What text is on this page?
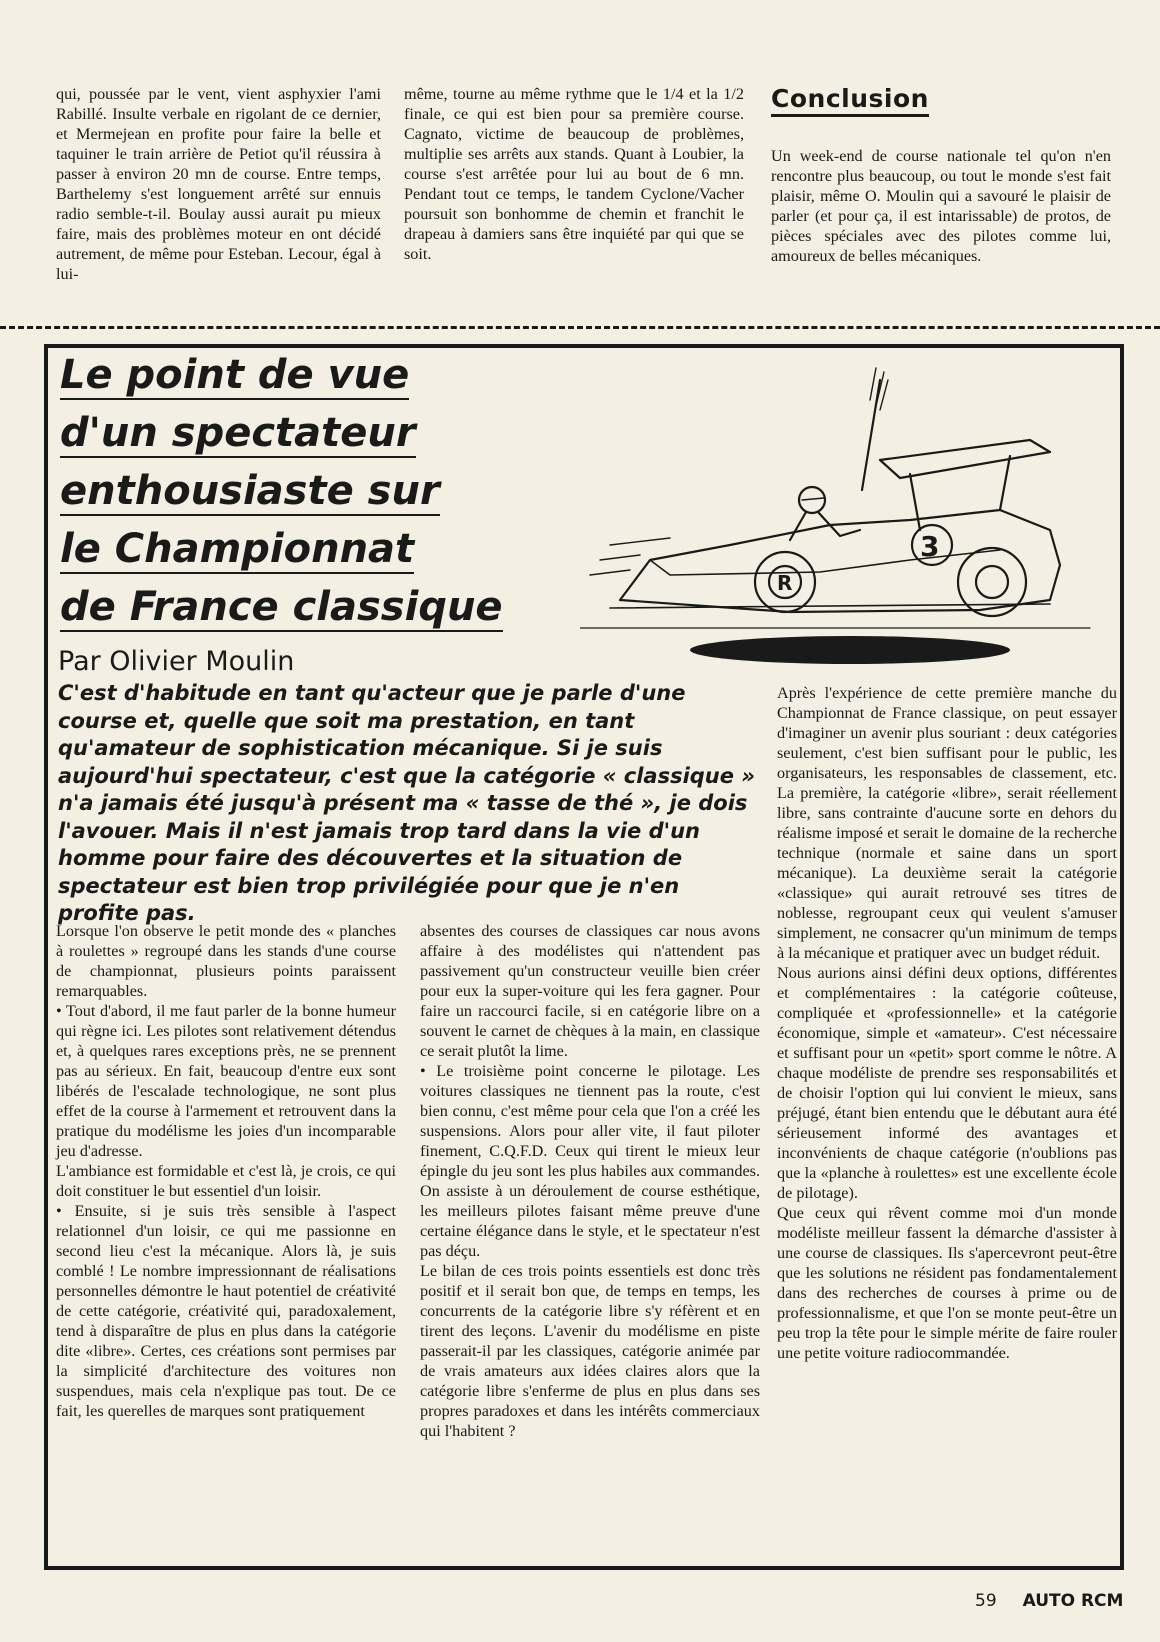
qui, poussée par le vent, vient asphyxier l'ami Rabillé. Insulte verbale en rigolant de ce dernier, et Mermejean en profite pour faire la belle et taquiner le train arrière de Petiot qu'il réussira à passer à environ 20 mn de course. Entre temps, Barthelemy s'est longuement arrêté sur ennuis radio semble-t-il. Boulay aussi aurait pu mieux faire, mais des problèmes moteur en ont décidé autrement, de même pour Esteban. Lecour, égal à lui-

même, tourne au même rythme que le 1/4 et la 1/2 finale, ce qui est bien pour sa première course. Cagnato, victime de beaucoup de problèmes, multiplie ses arrêts aux stands. Quant à Loubier, la course s'est arrêtée pour lui au bout de 6 mn. Pendant tout ce temps, le tandem Cyclone/Vacher poursuit son bonhomme de chemin et franchit le drapeau à damiers sans être inquiété par qui que se soit.

Conclusion

Un week-end de course nationale tel qu'on n'en rencontre plus beaucoup, ou tout le monde s'est fait plaisir, même O. Moulin qui a savouré le plaisir de parler (et pour ça, il est intarissable) de protos, de pièces spéciales avec des pilotes comme lui, amoureux de belles mécaniques.

Le point de vue
d'un spectateur
enthousiaste sur
le Championnat
de France classique
R
3
Par Olivier Moulin
C'est d'habitude en tant qu'acteur que je parle d'une course et, quelle que soit ma prestation, en tant qu'amateur de sophistication mécanique. Si je suis aujourd'hui spectateur, c'est que la catégorie « classique » n'a jamais été jusqu'à présent ma « tasse de thé », je dois l'avouer. Mais il n'est jamais trop tard dans la vie d'un homme pour faire des découvertes et la situation de spectateur est bien trop privilégiée pour que je n'en profite pas.

Lorsque l'on observe le petit monde des « planches à roulettes » regroupé dans les stands d'une course de championnat, plusieurs points paraissent remarquables.

• Tout d'abord, il me faut parler de la bonne humeur qui règne ici. Les pilotes sont relativement détendus et, à quelques rares exceptions près, ne se prennent pas au sérieux. En fait, beaucoup d'entre eux sont libérés de l'escalade technologique, ne sont plus effet de la course à l'armement et retrouvent dans la pratique du modélisme les joies d'un incomparable jeu d'adresse.

L'ambiance est formidable et c'est là, je crois, ce qui doit constituer le but essentiel d'un loisir.

• Ensuite, si je suis très sensible à l'aspect relationnel d'un loisir, ce qui me passionne en second lieu c'est la mécanique. Alors là, je suis comblé ! Le nombre impressionnant de réalisations personnelles démontre le haut potentiel de créativité de cette catégorie, créativité qui, paradoxalement, tend à disparaître de plus en plus dans la catégorie dite «libre». Certes, ces créations sont permises par la simplicité d'architecture des voitures non suspendues, mais cela n'explique pas tout. De ce fait, les querelles de marques sont pratiquement

absentes des courses de classiques car nous avons affaire à des modélistes qui n'attendent pas passivement qu'un constructeur veuille bien créer pour eux la super-voiture qui les fera gagner. Pour faire un raccourci facile, si en catégorie libre on a souvent le carnet de chèques à la main, en classique ce serait plutôt la lime.

• Le troisième point concerne le pilotage. Les voitures classiques ne tiennent pas la route, c'est bien connu, c'est même pour cela que l'on a créé les suspensions. Alors pour aller vite, il faut piloter finement, C.Q.F.D. Ceux qui tirent le mieux leur épingle du jeu sont les plus habiles aux commandes. On assiste à un déroulement de course esthétique, les meilleurs pilotes faisant même preuve d'une certaine élégance dans le style, et le spectateur n'est pas déçu.

Le bilan de ces trois points essentiels est donc très positif et il serait bon que, de temps en temps, les concurrents de la catégorie libre s'y réfèrent et en tirent des leçons. L'avenir du modélisme en piste passerait-il par les classiques, catégorie animée par de vrais amateurs aux idées claires alors que la catégorie libre s'enferme de plus en plus dans ses propres paradoxes et dans les intérêts commerciaux qui l'habitent ?

Après l'expérience de cette première manche du Championnat de France classique, on peut essayer d'imaginer un avenir plus souriant : deux catégories seulement, c'est bien suffisant pour le public, les organisateurs, les responsables de classement, etc. La première, la catégorie «libre», serait réellement libre, sans contrainte d'aucune sorte en dehors du réalisme imposé et serait le domaine de la recherche technique (normale et saine dans un sport mécanique). La deuxième serait la catégorie «classique» qui aurait retrouvé ses titres de noblesse, regroupant ceux qui veulent s'amuser simplement, ne consacrer qu'un minimum de temps à la mécanique et pratiquer avec un budget réduit.

Nous aurions ainsi défini deux options, différentes et complémentaires : la catégorie coûteuse, compliquée et «professionnelle» et la catégorie économique, simple et «amateur». C'est nécessaire et suffisant pour un «petit» sport comme le nôtre. A chaque modéliste de prendre ses responsabilités et de choisir l'option qui lui convient le mieux, sans préjugé, étant bien entendu que le débutant aura été sérieusement informé des avantages et inconvénients de chaque catégorie (n'oublions pas que la «planche à roulettes» est une excellente école de pilotage).

Que ceux qui rêvent comme moi d'un monde modéliste meilleur fassent la démarche d'assister à une course de classiques. Ils s'apercevront peut-être que les solutions ne résident pas fondamentalement dans des recherches de courses à prime ou de professionnalisme, et que l'on se monte peut-être un peu trop la tête pour le simple mérite de faire rouler une petite voiture radiocommandée.

59 AUTO RCM
